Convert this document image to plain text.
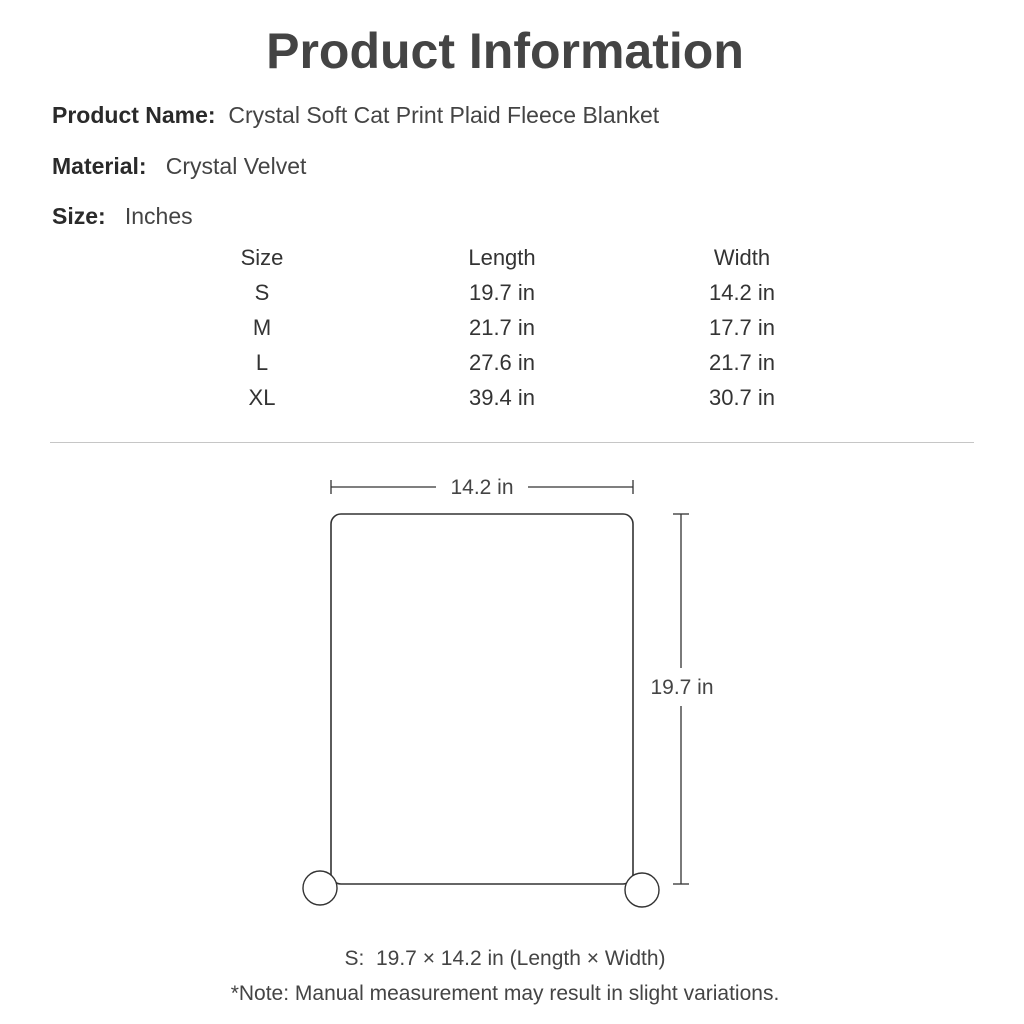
Product Information
Product Name: Crystal Soft Cat Print Plaid Fleece Blanket
Material: Crystal Velvet
Size: Inches
Size	Length	Width
S	19.7 in	14.2 in
M	21.7 in	17.7 in
L	27.6 in	21.7 in
XL	39.4 in	30.7 in
14.2 in
19.7 in
S: 19.7 × 14.2 in (Length × Width)
*Note: Manual measurement may result in slight variations.
